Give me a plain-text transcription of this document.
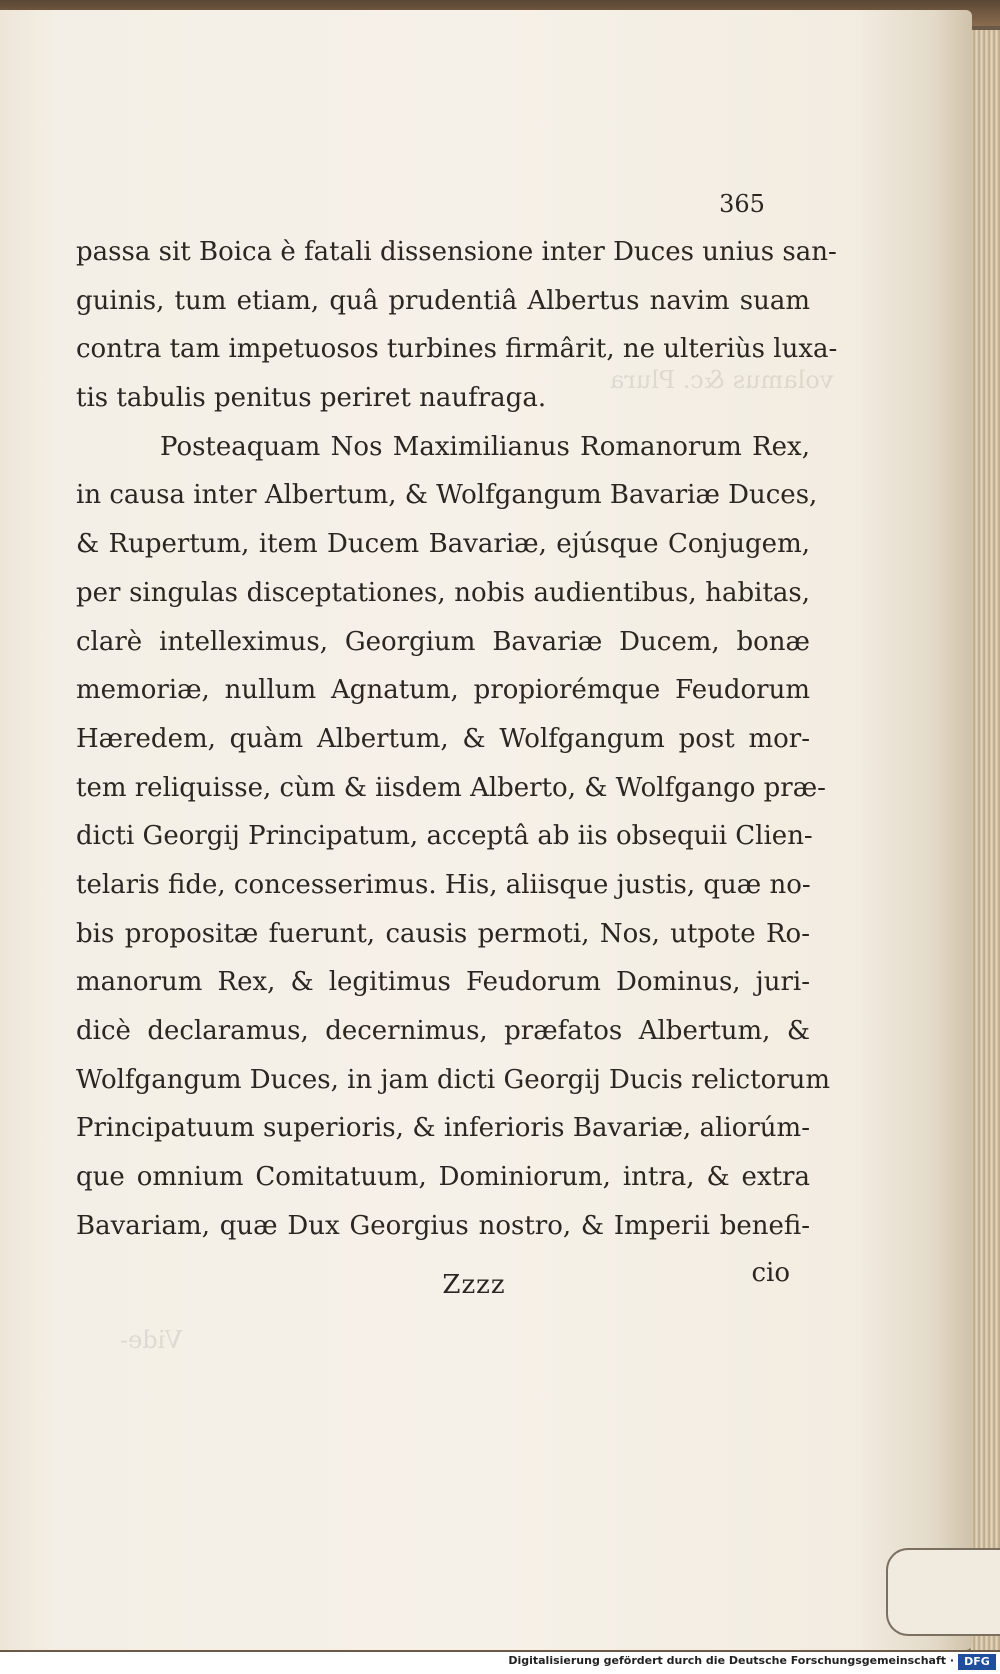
volamus &c. Plura
Vide-
365
passa sit Boica è fatali dissensione inter Duces unius san-
guinis, tum etiam, quâ prudentiâ Albertus navim suam
contra tam impetuosos turbines firmârit, ne ulteriùs luxa-
tis tabulis penitus periret naufraga.
Posteaquam Nos Maximilianus Romanorum Rex,
in causa inter Albertum, & Wolfgangum Bavariæ Duces,
& Rupertum, item Ducem Bavariæ, ejúsque Conjugem,
per singulas disceptationes, nobis audientibus, habitas,
clarè intelleximus, Georgium Bavariæ Ducem, bonæ
memoriæ, nullum Agnatum, propiorémque Feudorum
Hæredem, quàm Albertum, & Wolfgangum post mor-
tem reliquisse, cùm & iisdem Alberto, & Wolfgango præ-
dicti Georgij Principatum, acceptâ ab iis obsequii Clien-
telaris fide, concesserimus. His, aliisque justis, quæ no-
bis propositæ fuerunt, causis permoti, Nos, utpote Ro-
manorum Rex, & legitimus Feudorum Dominus, juri-
dicè declaramus, decernimus, præfatos Albertum, &
Wolfgangum Duces, in jam dicti Georgij Ducis relictorum
Principatuum superioris, & inferioris Bavariæ, aliorúm-
que omnium Comitatuum, Dominiorum, intra, & extra
Bavariam, quæ Dux Georgius nostro, & Imperii benefi-
Zzzz	cio
Digitalisierung gefördert durch die Deutsche Forschungsgemeinschaft · DFG
